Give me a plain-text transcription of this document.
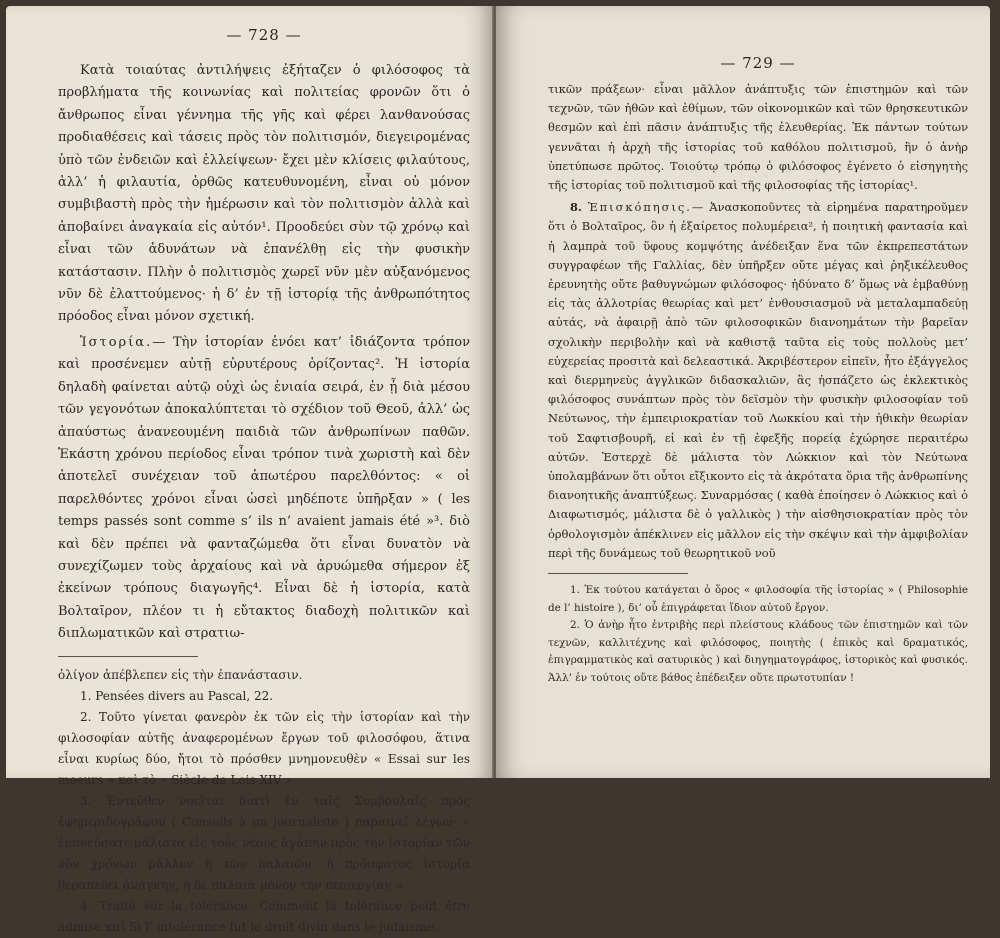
— 728 —

Κατὰ τοιαύτας ἀντιλήψεις ἐξήταζεν ὁ φιλόσοφος τὰ προβλήματα τῆς κοινωνίας καὶ πολιτείας φρονῶν ὅτι ὁ ἄνθρωπος εἶναι γέννημα τῆς γῆς καὶ φέρει λανθανούσας προδιαθέσεις καὶ τάσεις πρὸς τὸν πολιτισμόν, διεγειρομένας ὑπὸ τῶν ἐνδειῶν καὶ ἐλλείψεων· ἔχει μὲν κλίσεις φιλαύτους, ἀλλ’ ἡ φιλαυτία, ὀρθῶς κατευθυνομένη, εἶναι οὐ μόνον συμβιβαστὴ πρὸς τὴν ἡμέρωσιν καὶ τὸν πολιτισμὸν ἀλλὰ καὶ ἀποβαίνει ἀναγκαία εἰς αὐτόν¹. Προοδεύει σὺν τῷ χρόνῳ καὶ εἶναι τῶν ἀδυνάτων νὰ ἐπανέλθῃ εἰς τὴν φυσικὴν κατάστασιν. Πλὴν ὁ πολιτισμὸς χωρεῖ νῦν μὲν αὐξανόμενος νῦν δὲ ἐλαττούμενος· ἡ δ’ ἐν τῇ ἱστορίᾳ τῆς ἀνθρωπότητος πρόοδος εἶναι μόνον σχετική.

Ἱστορία.— Τὴν ἱστορίαν ἐνόει κατ’ ἰδιάζοντα τρόπον καὶ προσένεμεν αὐτῇ εὐρυτέρους ὁρίζοντας². Ἡ ἱστορία δηλαδὴ φαίνεται αὐτῷ οὐχὶ ὡς ἑνιαία σειρά, ἐν ᾗ διὰ μέσου τῶν γεγονότων ἀποκαλύπτεται τὸ σχέδιον τοῦ Θεοῦ, ἀλλ’ ὡς ἀπαύστως ἀνανεουμένη παιδιὰ τῶν ἀνθρωπίνων παθῶν. Ἑκάστη χρόνου περίοδος εἶναι τρόπον τινὰ χωριστὴ καὶ δὲν ἀποτελεῖ συνέχειαν τοῦ ἀπωτέρου παρελθόντος: « οἱ παρελθόντες χρόνοι εἶναι ὡσεὶ μηδέποτε ὑπῆρξαν » ( les temps passés sont comme s’ ils n’ avaient jamais été »³. διὸ καὶ δὲν πρέπει νὰ φανταζώμεθα ὅτι εἶναι δυνατὸν νὰ συνεχίζωμεν τοὺς ἀρχαίους καὶ νὰ ἀρυώμεθα σήμερον ἐξ ἐκείνων τρόπους διαγωγῆς⁴. Εἶναι δὲ ἡ ἱστορία, κατὰ Βολταῖρον, πλέον τι ἡ εὔτακτος διαδοχὴ πολιτικῶν καὶ διπλωματικῶν καὶ στρατιω-

ὀλίγον ἀπέβλεπεν εἰς τὴν ἐπανάστασιν.

1. Pensées divers au Pascal, 22.

2. Τοῦτο γίνεται φανερὸν ἐκ τῶν εἰς τὴν ἱστορίαν καὶ τὴν φιλοσοφίαν αὐτῆς ἀναφερομένων ἔργων τοῦ φιλοσόφου, ἅτινα εἶναι κυρίως δύο, ἤτοι τὸ πρόσθεν μνημονευθὲν « Essai sur les moeurs » καὶ τὸ « Siècle de Lois XIV ».

3. Ἐντεῦθεν νοεῖται διατὶ ἐν ταῖς Συμβουλαῖς πρὸς ἐφημεριδογράφον ( Conseils à un journaliste ) παραινεῖ λέγων· « ἐμπνεύσατε μάλιστα εἰς τοὺς νέους ἀγάπην πρὸς τὴν ἱστορίαν τῶν νῦν χρόνων μᾶλλον ἢ τῶν παλαιῶν· ἡ πρόσφατος ἱστορία θεραπεύει ἀνάγκην, ἡ δὲ παλαιὰ μόνον τὴν περιεργίαν ».

4. Traité sur la tolérance. Comment la tolérance peut être admise καὶ Si l’ intolérance fut le droit divin dans le judaisme.

— 729 —

τικῶν πράξεων· εἶναι μᾶλλον ἀνάπτυξις τῶν ἐπιστημῶν καὶ τῶν τεχνῶν, τῶν ἠθῶν καὶ ἐθίμων, τῶν οἰκονομικῶν καὶ τῶν θρησκευτικῶν θεσμῶν καὶ ἐπὶ πᾶσιν ἀνάπτυξις τῆς ἐλευθερίας. Ἐκ πάντων τούτων γεννᾶται ἡ ἀρχὴ τῆς ἱστορίας τοῦ καθόλου πολιτισμοῦ, ἣν ὁ ἀνὴρ ὑπετύπωσε πρῶτος. Τοιούτῳ τρόπῳ ὁ φιλόσοφος ἐγένετο ὁ εἰσηγητὴς τῆς ἱστορίας τοῦ πολιτισμοῦ καὶ τῆς φιλοσοφίας τῆς ἱστορίας¹.

8. Ἐπισκόπησις.— Ἀνασκοποῦντες τὰ εἰρημένα παρατηροῦμεν ὅτι ὁ Βολταῖρος, ὃν ἡ ἐξαίρετος πολυμέρεια², ἡ ποιητικὴ φαντασία καὶ ἡ λαμπρὰ τοῦ ὕφους κομψότης ἀνέδειξαν ἕνα τῶν ἐκπρεπεστάτων συγγραφέων τῆς Γαλλίας, δὲν ὑπῆρξεν οὔτε μέγας καὶ ῥηξικέλευθος ἐρευνητὴς οὔτε βαθυγνώμων φιλόσοφος· ἠδύνατο δ’ ὅμως νὰ ἐμβαθύνῃ εἰς τὰς ἀλλοτρίας θεωρίας καὶ μετ’ ἐνθουσιασμοῦ νὰ μεταλαμπαδεύῃ αὐτάς, νὰ ἀφαιρῇ ἀπὸ τῶν φιλοσοφικῶν διανοημάτων τὴν βαρεῖαν σχολικὴν περιβολὴν καὶ νὰ καθιστᾷ ταῦτα εἰς τοὺς πολλοὺς μετ’ εὐχερείας προσιτὰ καὶ δελεαστικά. Ἀκριβέστερον εἰπεῖν, ἦτο ἐξάγγελος καὶ διερμηνεὺς ἀγγλικῶν διδασκαλιῶν, ἃς ἠσπάζετο ὡς ἐκλεκτικὸς φιλόσοφος συνάπτων πρὸς τὸν δεϊσμὸν τὴν φυσικὴν φιλοσοφίαν τοῦ Νεύτωνος, τὴν ἐμπειριοκρατίαν τοῦ Λωκκίου καὶ τὴν ἠθικὴν θεωρίαν τοῦ Σαφτισβουρῆ, εἰ καὶ ἐν τῇ ἐφεξῆς πορείᾳ ἐχώρησε περαιτέρω αὐτῶν. Ἐστερχὲ δὲ μάλιστα τὸν Λώκκιον καὶ τὸν Νεύτωνα ὑπολαμβάνων ὅτι οὗτοι εἴξικοντο εἰς τὰ ἀκρότατα ὅρια τῆς ἀνθρωπίνης διανοητικῆς ἀναπτύξεως. Συναρμόσας ( καθὰ ἐποίησεν ὁ Λώκκιος καὶ ὁ Διαφωτισμός, μάλιστα δὲ ὁ γαλλικὸς ) τὴν αἰσθησιοκρατίαν πρὸς τὸν ὀρθολογισμὸν ἀπέκλινεν εἰς μᾶλλον εἰς τὴν σκέψιν καὶ τὴν ἀμφιβολίαν περὶ τῆς δυνάμεως τοῦ θεωρητικοῦ νοῦ

1. Ἐκ τούτου κατάγεται ὁ ὅρος « φιλοσοφία τῆς ἱστορίας » ( Philosophie de l’ histoire ), δι’ οὗ ἐπιγράφεται ἴδιον αὐτοῦ ἔργον.

2. Ὁ ἀνὴρ ἦτο ἐντριβὴς περὶ πλείστους κλάδους τῶν ἐπιστημῶν καὶ τῶν τεχνῶν, καλλιτέχνης καὶ φιλόσοφος, ποιητὴς ( ἐπικὸς καὶ δραματικός, ἐπιγραμματικὸς καὶ σατυρικὸς ) καὶ διηγηματογράφος, ἱστορικὸς καὶ φυσικός. Ἀλλ’ ἐν τούτοις οὔτε βάθος ἐπέδειξεν οὔτε πρωτοτυπίαν !
